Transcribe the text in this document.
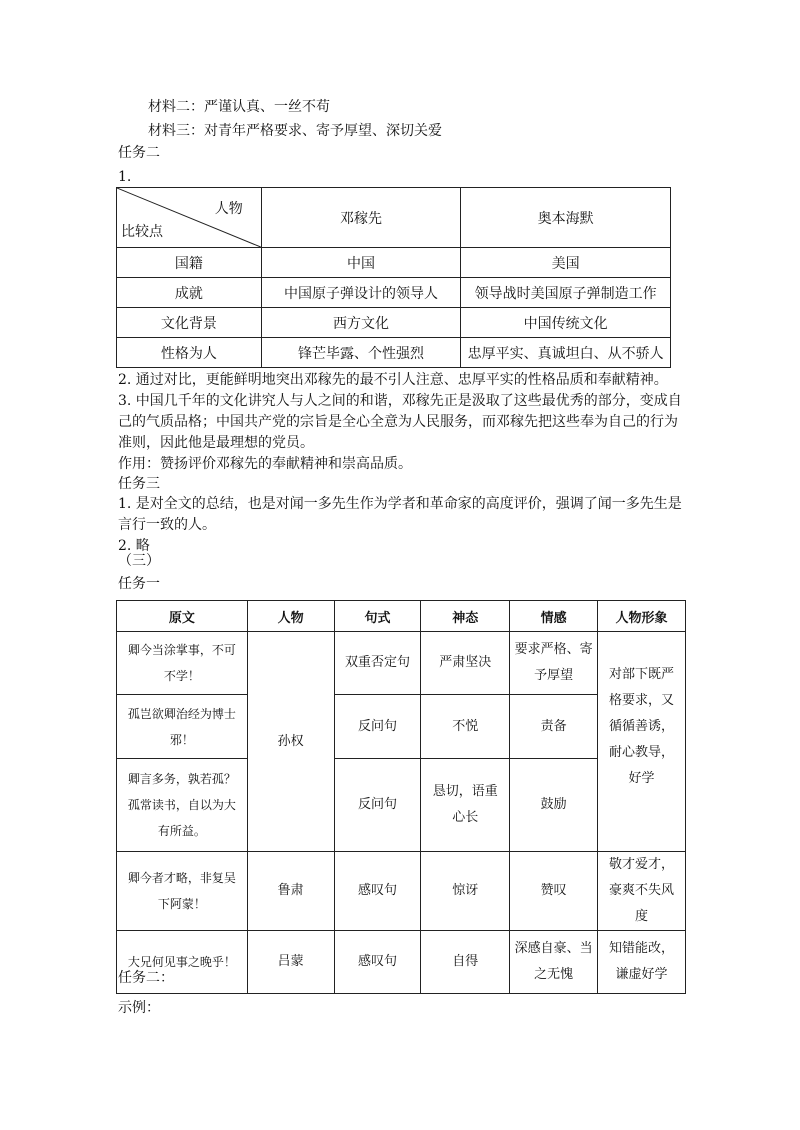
材料二：严谨认真、一丝不苟
材料三：对青年严格要求、寄予厚望、深切关爱
任务二
1.
人物
比较点	邓稼先	奥本海默
国籍	中国	美国
成就	中国原子弹设计的领导人	领导战时美国原子弹制造工作
文化背景	西方文化	中国传统文化
性格为人	锋芒毕露、个性强烈	忠厚平实、真诚坦白、从不骄人
2. 通过对比，更能鲜明地突出邓稼先的最不引人注意、忠厚平实的性格品质和奉献精神。
3. 中国几千年的文化讲究人与人之间的和谐，邓稼先正是汲取了这些最优秀的部分，变成自
己的气质品格；中国共产党的宗旨是全心全意为人民服务，而邓稼先把这些奉为自己的行为
准则，因此他是最理想的党员。
作用：赞扬评价邓稼先的奉献精神和崇高品质。
任务三
1. 是对全文的总结，也是对闻一多先生作为学者和革命家的高度评价，强调了闻一多先生是
言行一致的人。
2. 略
（三）
任务一
原文	人物	句式	神态	情感	人物形象
卿今当涂掌事，不可不学！	孙权	双重否定句	严肃坚决	要求严格、寄予厚望	对部下既严格要求，又循循善诱，耐心教导，好学
孤岂欲卿治经为博士邪！		反问句	不悦	责备	
卿言多务，孰若孤？孤常读书，自以为大有所益。		反问句	恳切，语重心长	鼓励	
卿今者才略，非复吴下阿蒙！	鲁肃	感叹句	惊讶	赞叹	敬才爱才，豪爽不失风度
大兄何见事之晚乎！	吕蒙	感叹句	自得	深感自豪、当之无愧	知错能改，谦虚好学
任务二：
示例：
